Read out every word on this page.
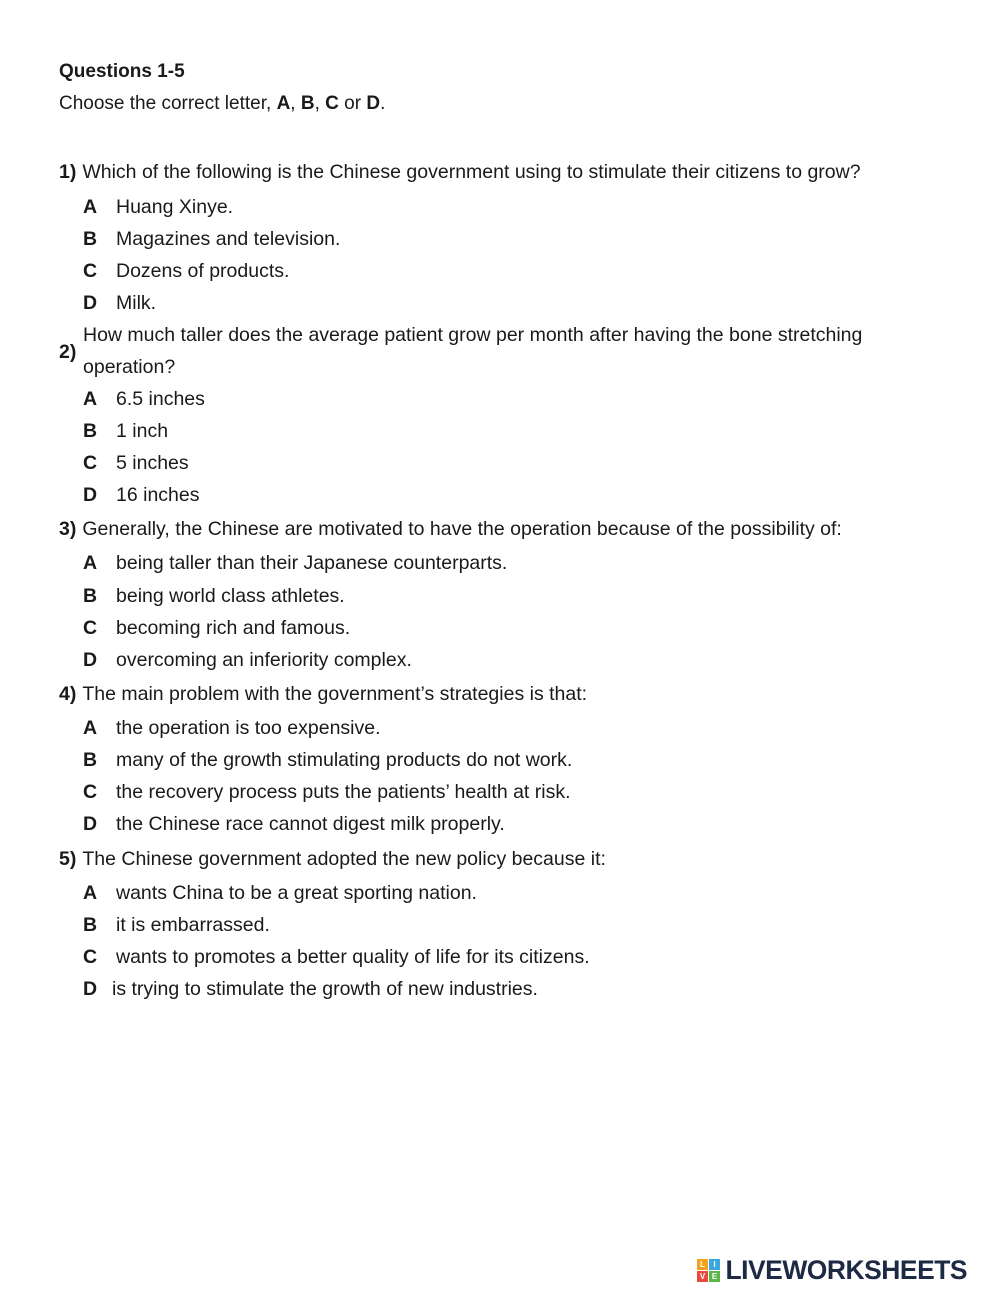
Questions 1-5
Choose the correct letter, A, B, C or D.
1) Which of the following is the Chinese government using to stimulate their citizens to grow?
A Huang Xinye.
B Magazines and television.
C Dozens of products.
D Milk.
2)
How much taller does the average patient grow per month after having the bone stretching
operation?
A 6.5 inches
B 1 inch
C 5 inches
D 16 inches
3) Generally, the Chinese are motivated to have the operation because of the possibility of:
A being taller than their Japanese counterparts.
B being world class athletes.
C becoming rich and famous.
D overcoming an inferiority complex.
4) The main problem with the government’s strategies is that:
A the operation is too expensive.
B many of the growth stimulating products do not work.
C the recovery process puts the patients’ health at risk.
D the Chinese race cannot digest milk properly.
5) The Chinese government adopted the new policy because it:
A wants China to be a great sporting nation.
B it is embarrassed.
C wants to promotes a better quality of life for its citizens.
D is trying to stimulate the growth of new industries.
L	I
V E LIVEWORKSHEETS
